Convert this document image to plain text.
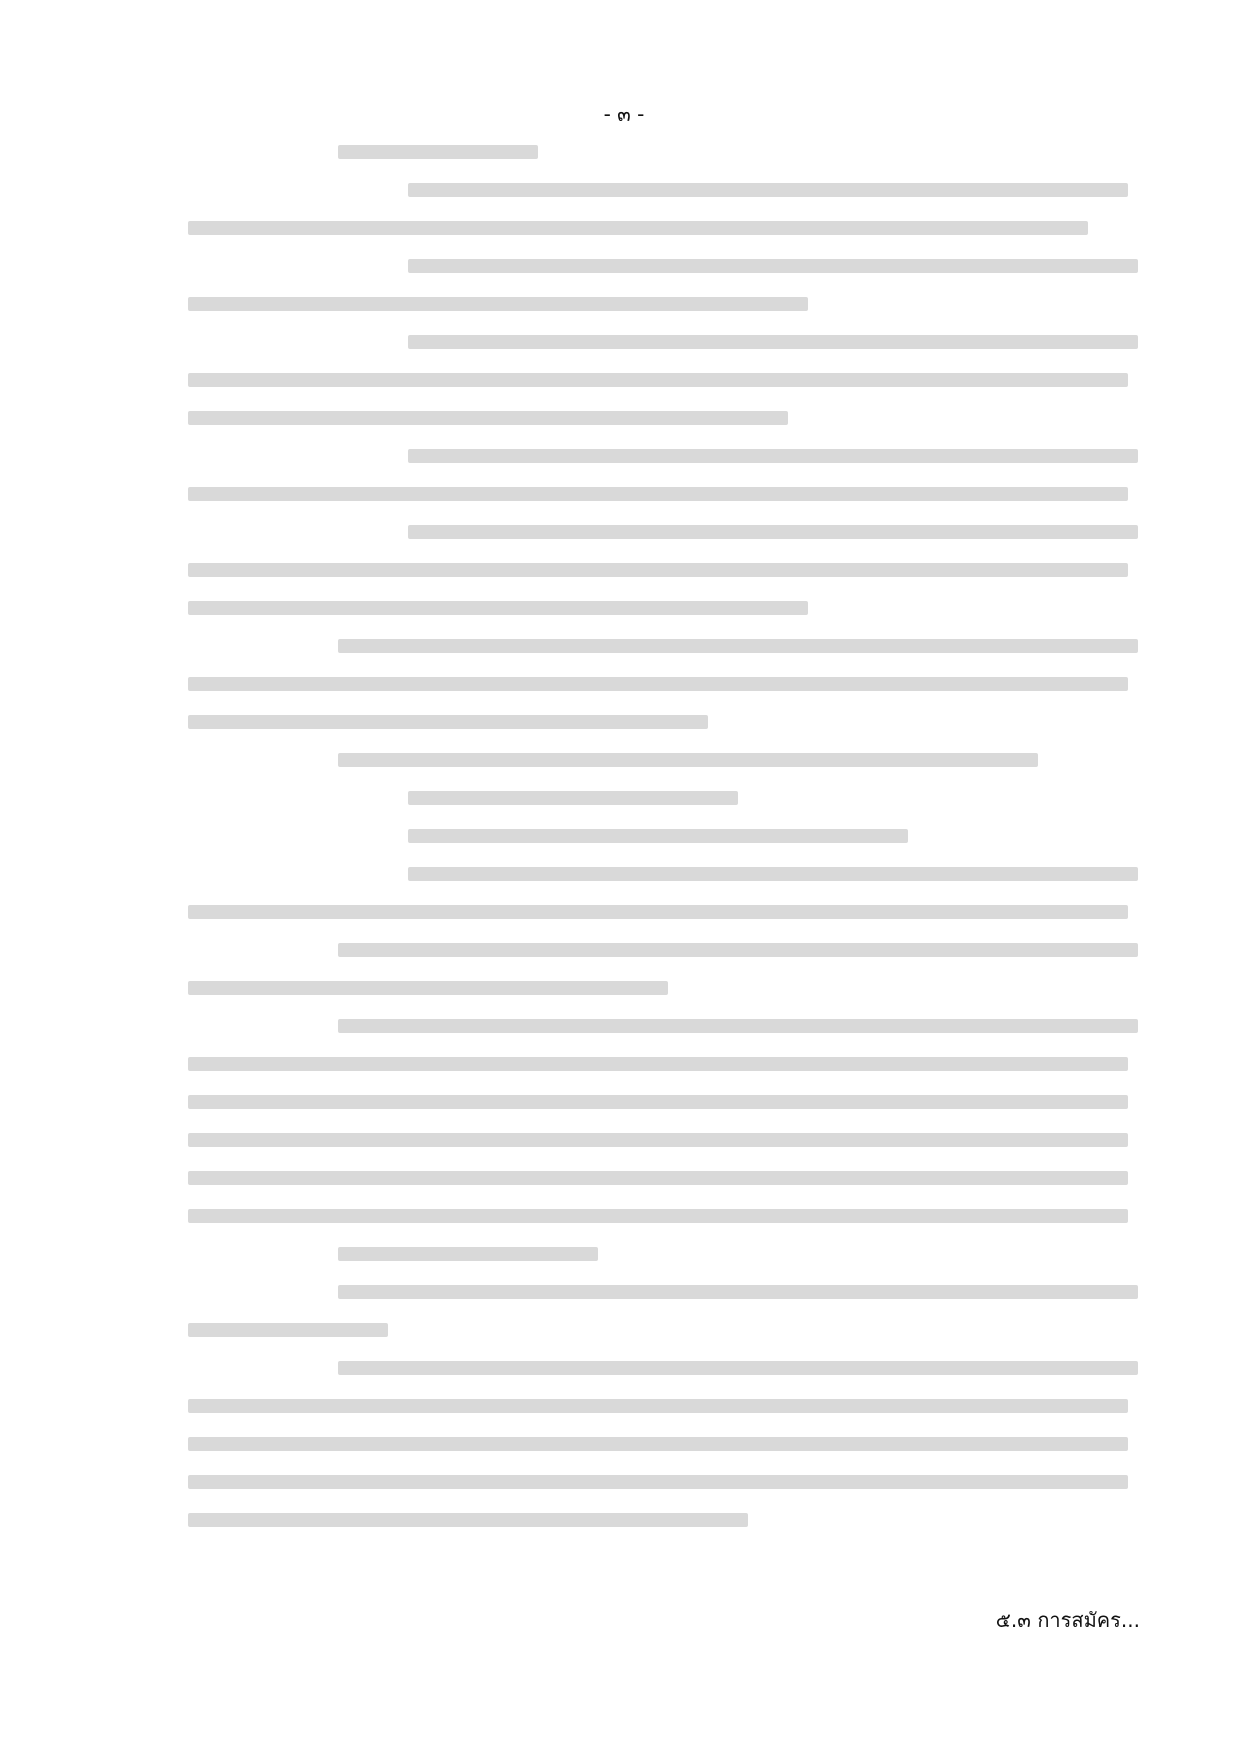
- ๓ -
๕.๓ การสมัคร...
